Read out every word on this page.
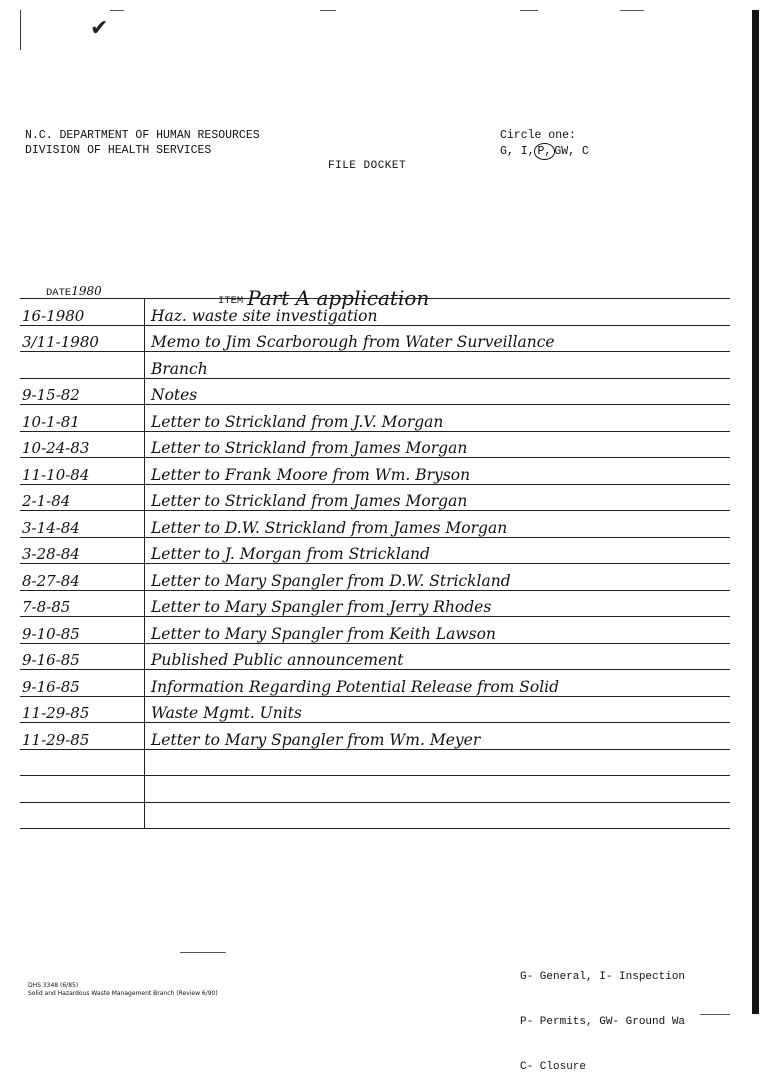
✔
N.C. DEPARTMENT OF HUMAN RESOURCES
DIVISION OF HEALTH SERVICES
Circle one:
G, I, P, GW, C
FILE DOCKET
DATE1980
ITEM Part A application
16-1980	Haz. waste site investigation
3/11-1980	Memo to Jim Scarborough from Water Surveillance
	Branch
9-15-82	Notes
10-1-81	Letter to Strickland from J.V. Morgan
10-24-83	Letter to Strickland from James Morgan
11-10-84	Letter to Frank Moore from Wm. Bryson
2-1-84	Letter to Strickland from James Morgan
3-14-84	Letter to D.W. Strickland from James Morgan
3-28-84	Letter to J. Morgan from Strickland
8-27-84	Letter to Mary Spangler from D.W. Strickland
7-8-85	Letter to Mary Spangler from Jerry Rhodes
9-10-85	Letter to Mary Spangler from Keith Lawson
9-16-85	Published Public announcement
9-16-85	Information Regarding Potential Release from Solid
11-29-85	Waste Mgmt. Units
11-29-85	Letter to Mary Spangler from Wm. Meyer

G- General, I- Inspection

P- Permits, GW- Ground Wa

C- Closure

DHS 3348 (6/85)
Solid and Hazardous Waste Management Branch (Review 6/90)
